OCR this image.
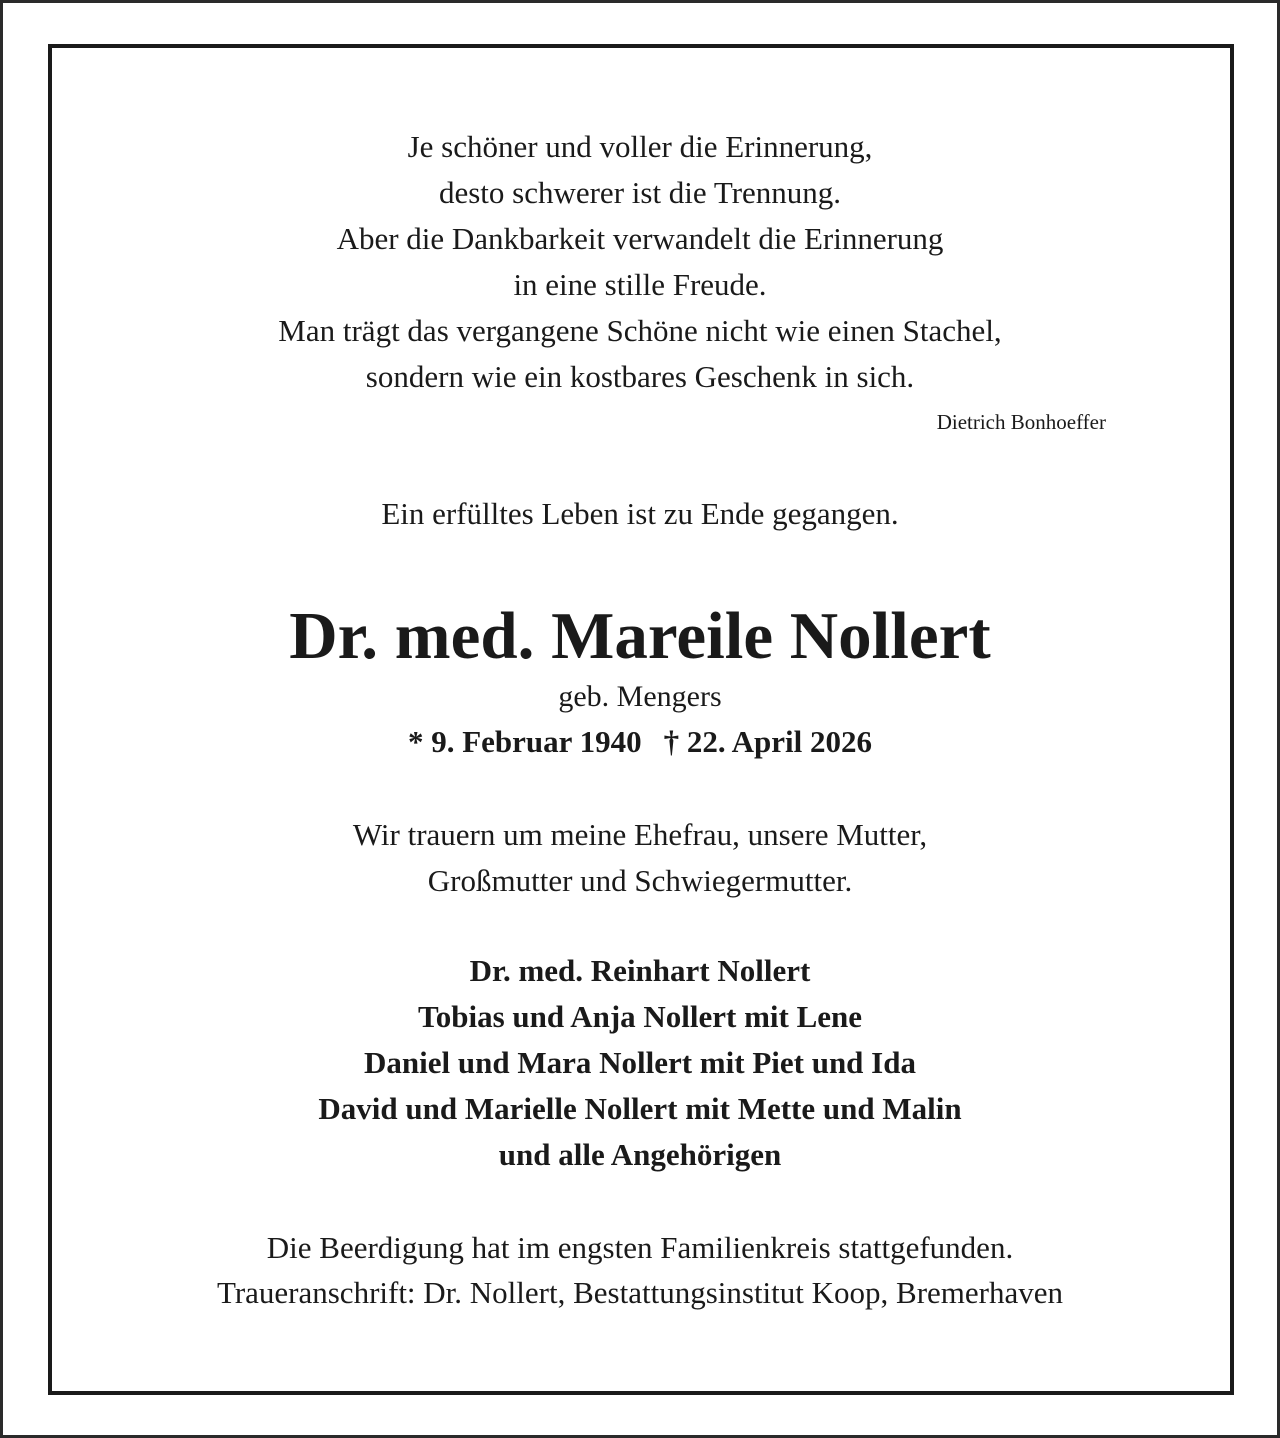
Je schöner und voller die Erinnerung,
desto schwerer ist die Trennung.
Aber die Dankbarkeit verwandelt die Erinnerung
in eine stille Freude.
Man trägt das vergangene Schöne nicht wie einen Stachel,
sondern wie ein kostbares Geschenk in sich.
Dietrich Bonhoeffer
Ein erfülltes Leben ist zu Ende gegangen.
Dr. med. Mareile Nollert
geb. Mengers
* 9. Februar 1940 † 22. April 2026
Wir trauern um meine Ehefrau, unsere Mutter,
Großmutter und Schwiegermutter.
Dr. med. Reinhart Nollert
Tobias und Anja Nollert mit Lene
Daniel und Mara Nollert mit Piet und Ida
David und Marielle Nollert mit Mette und Malin
und alle Angehörigen
Die Beerdigung hat im engsten Familienkreis stattgefunden.
Traueranschrift: Dr. Nollert, Bestattungsinstitut Koop, Bremerhaven
